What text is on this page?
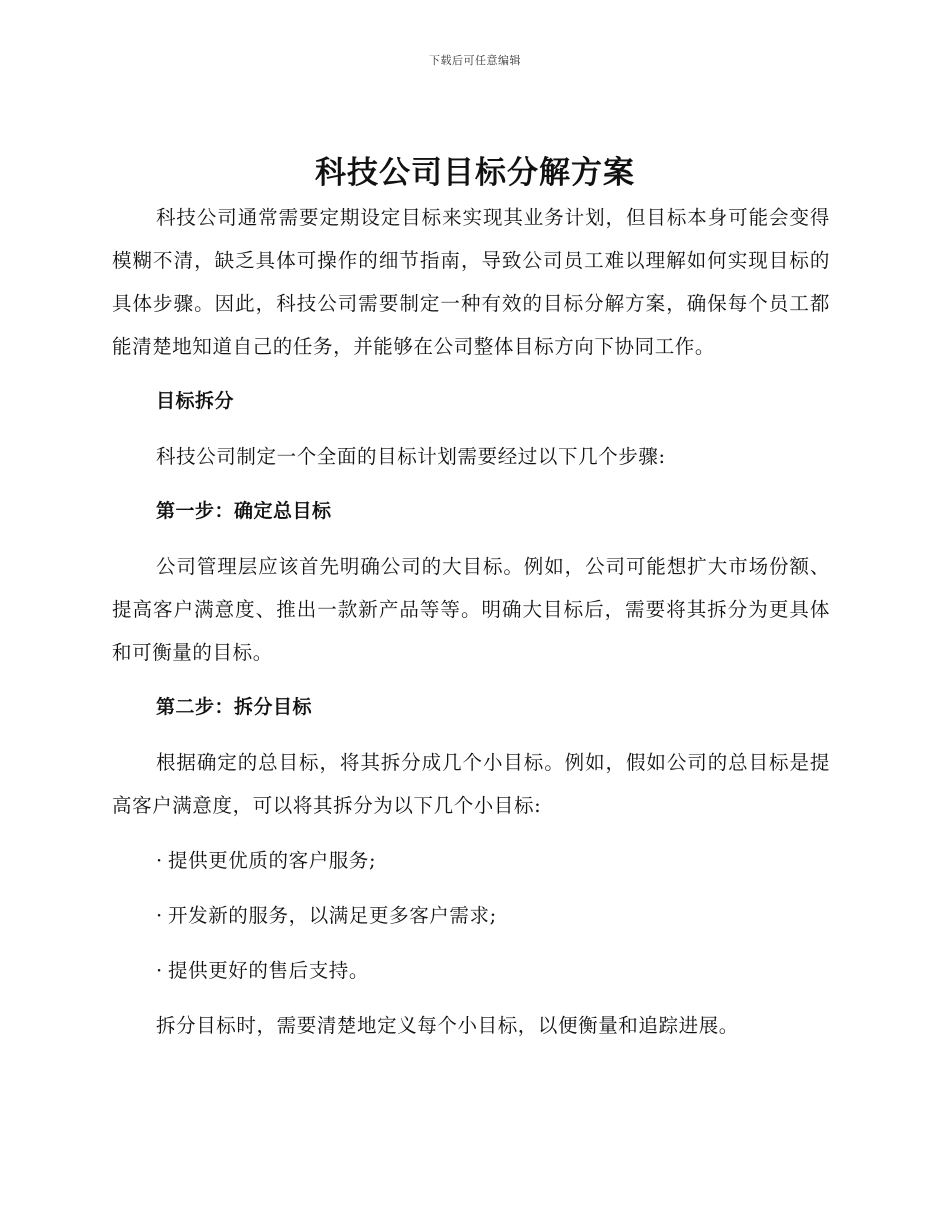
下载后可任意编辑
科技公司目标分解方案

科技公司通常需要定期设定目标来实现其业务计划，但目标本身可能会变得模糊不清，缺乏具体可操作的细节指南，导致公司员工难以理解如何实现目标的具体步骤。因此，科技公司需要制定一种有效的目标分解方案，确保每个员工都能清楚地知道自己的任务，并能够在公司整体目标方向下协同工作。

目标拆分

科技公司制定一个全面的目标计划需要经过以下几个步骤:

第一步：确定总目标

公司管理层应该首先明确公司的大目标。例如，公司可能想扩大市场份额、提高客户满意度、推出一款新产品等等。明确大目标后，需要将其拆分为更具体和可衡量的目标。

第二步：拆分目标

根据确定的总目标，将其拆分成几个小目标。例如，假如公司的总目标是提高客户满意度，可以将其拆分为以下几个小目标:

· 提供更优质的客户服务;

· 开发新的服务，以满足更多客户需求;

· 提供更好的售后支持。

拆分目标时，需要清楚地定义每个小目标，以便衡量和追踪进展。
